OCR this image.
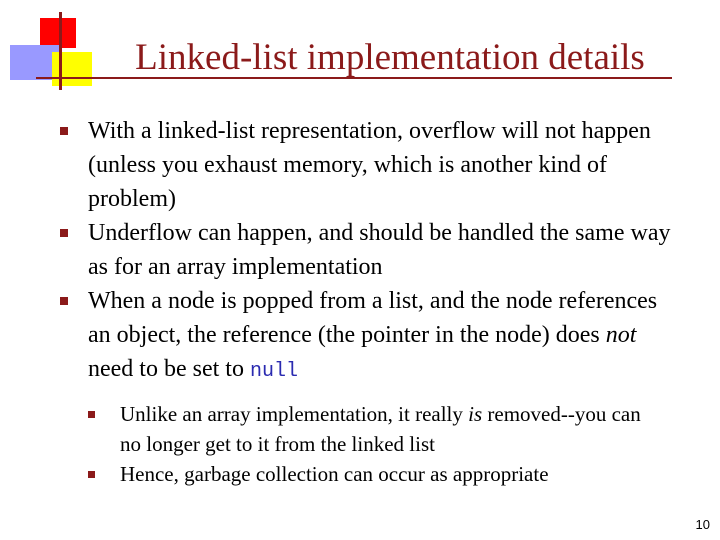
Linked-list implementation details
With a linked-list representation, overflow will not happen (unless you exhaust memory, which is another kind of problem)
Underflow can happen, and should be handled the same way as for an array implementation
When a node is popped from a list, and the node references an object, the reference (the pointer in the node) does not need to be set to null
Unlike an array implementation, it really is removed--you can no longer get to it from the linked list
Hence, garbage collection can occur as appropriate
10
